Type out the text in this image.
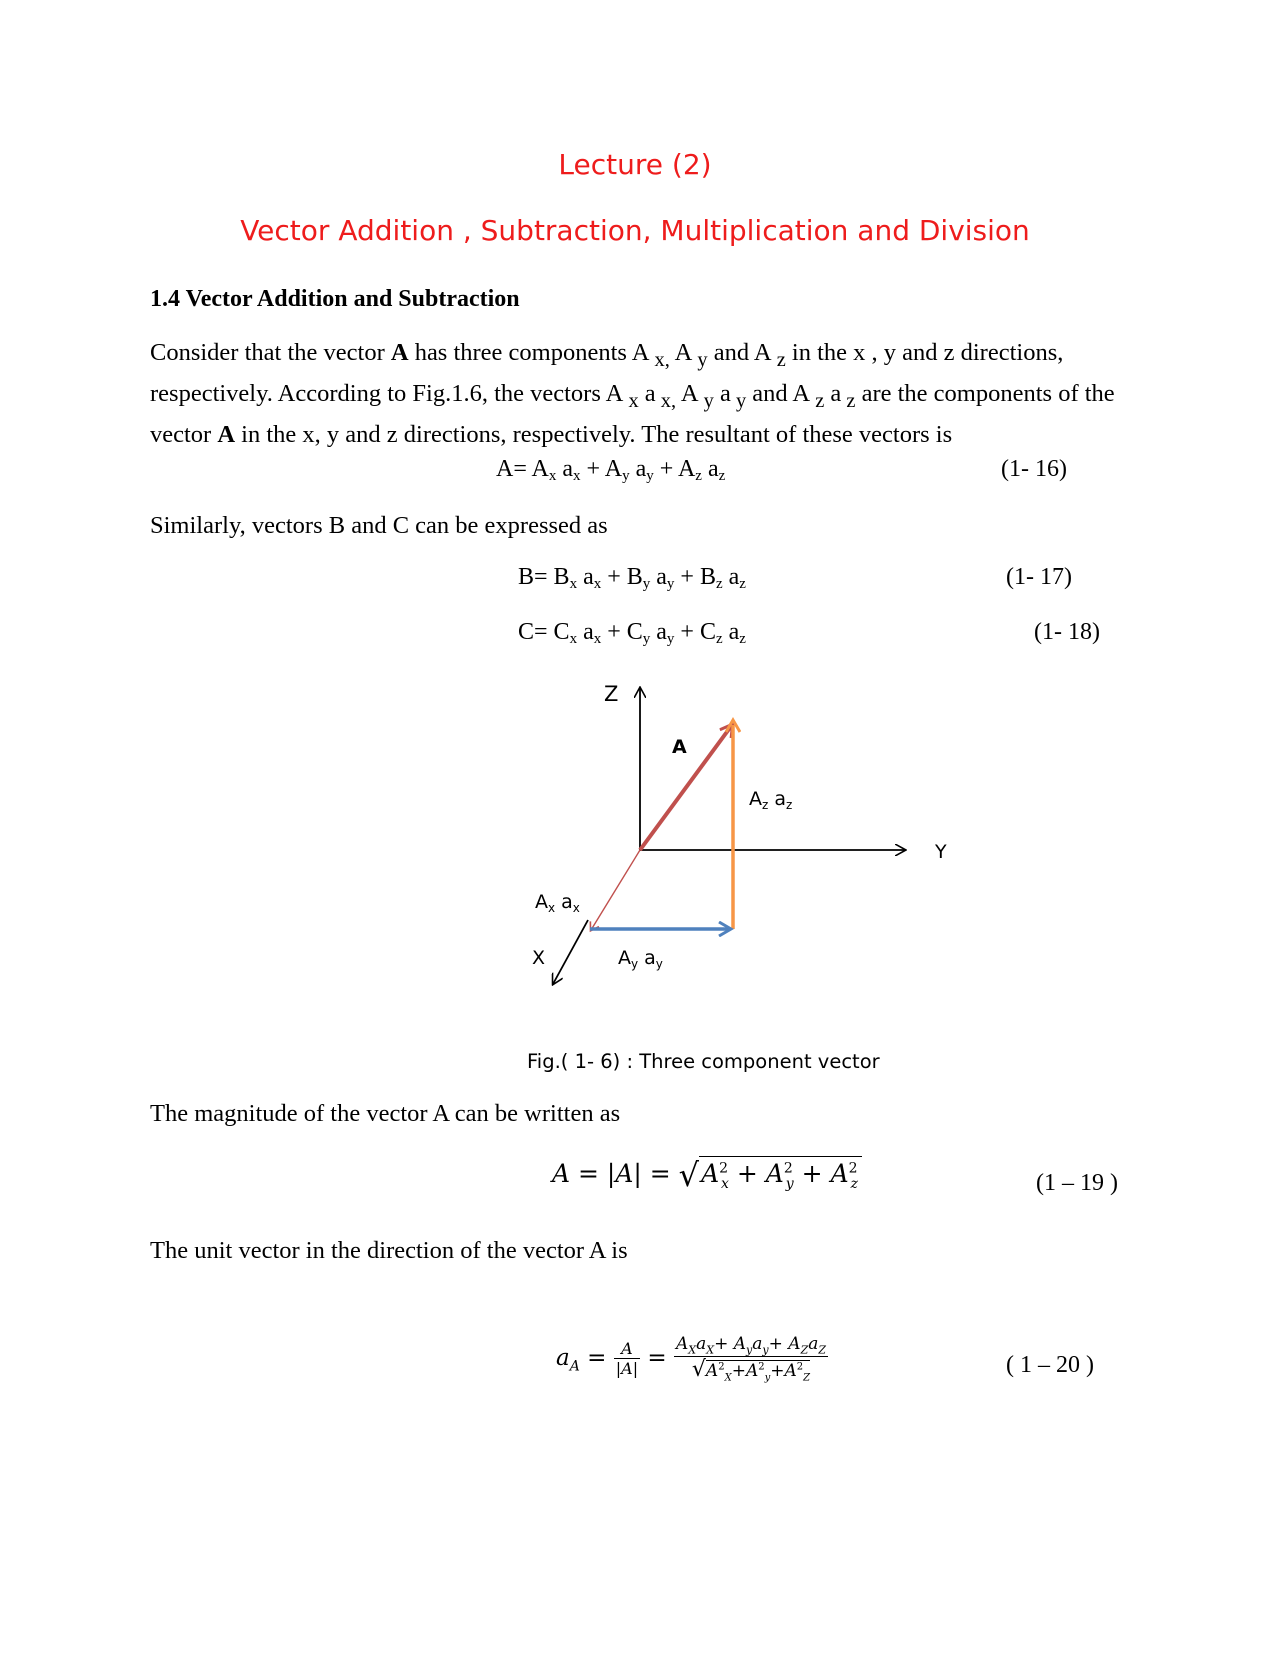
Lecture (2)
Vector Addition , Subtraction, Multiplication and Division
1.4 Vector Addition and Subtraction
Consider that the vector A has three components A $_{x,}$ A $_y$ and A $_z$ in the x , y and z directions, respectively. According to Fig.1.6, the vectors A $_x$ a $_{x,}$ A $_y$ a $_y$ and A $_z$ a $_z$ are the components of the vector A in the x, y and z directions, respectively. The resultant of these vectors is
$A= A_x$ $a_x + A_y$ $a_y + A_z$ $a_z$	(1- 16)
Similarly, vectors B and C can be expressed as
$B= B_x$ $a_x + B_y$ $a_y + B_z$ $a_z$	(1- 17)
$C= C_x$ $a_x + C_y$ $a_y + C_z$ $a_z$	(1- 18)
Z
A
$A_z$ $a_z$
Y
$A_x$ $a_x$
X	$A_y$ $a_y$
Fig.( 1- 6) : Three component vector
The magnitude of the vector A can be written as
$A = |A| = √A^2_x + A^2_y + A^2_z$	(1 – 19 )
The unit vector in the direction of the vector A is
$a_A = \frac{A}{|A|} = \frac{A_Xa_X+ A_ya_y+ A_Za_Z}{√A^2_X+A^2_y+A^2_Z}$	( 1 – 20 )
